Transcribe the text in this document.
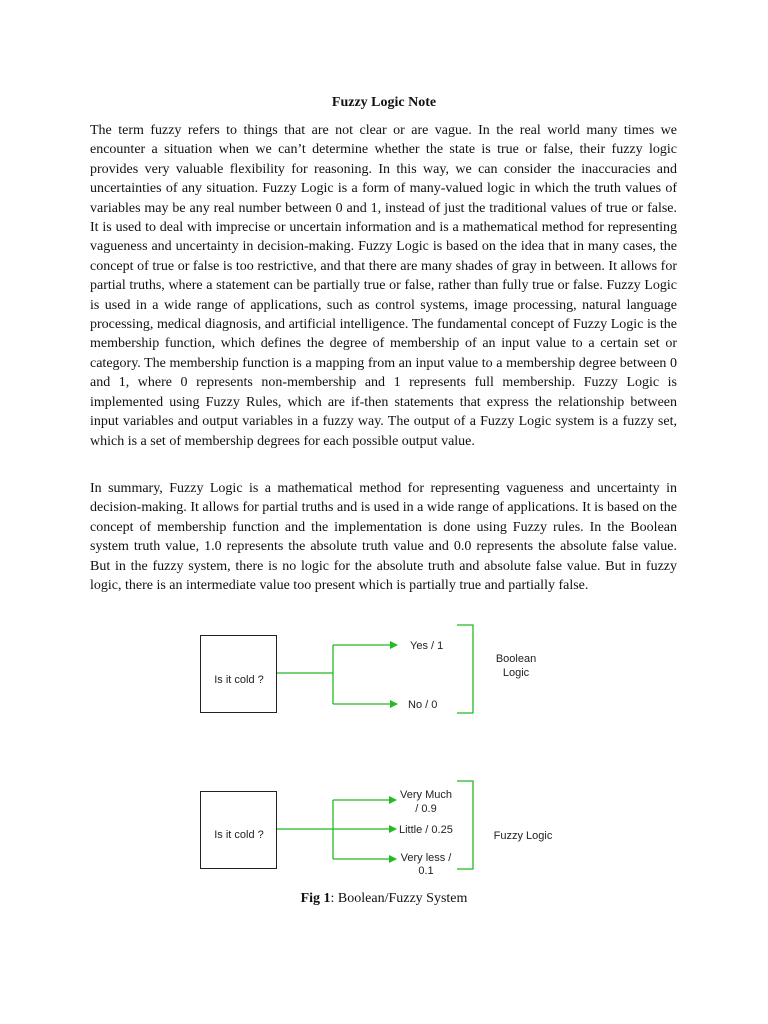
Fuzzy Logic Note

The term fuzzy refers to things that are not clear or are vague. In the real world many times we encounter a situation when we can’t determine whether the state is true or false, their fuzzy logic provides very valuable flexibility for reasoning. In this way, we can consider the inaccuracies and uncertainties of any situation. Fuzzy Logic is a form of many-valued logic in which the truth values of variables may be any real number between 0 and 1, instead of just the traditional values of true or false. It is used to deal with imprecise or uncertain information and is a mathematical method for representing vagueness and uncertainty in decision-making. Fuzzy Logic is based on the idea that in many cases, the concept of true or false is too restrictive, and that there are many shades of gray in between. It allows for partial truths, where a statement can be partially true or false, rather than fully true or false. Fuzzy Logic is used in a wide range of applications, such as control systems, image processing, natural language processing, medical diagnosis, and artificial intelligence. The fundamental concept of Fuzzy Logic is the membership function, which defines the degree of membership of an input value to a certain set or category. The membership function is a mapping from an input value to a membership degree between 0 and 1, where 0 represents non-membership and 1 represents full membership. Fuzzy Logic is implemented using Fuzzy Rules, which are if-then statements that express the relationship between input variables and output variables in a fuzzy way. The output of a Fuzzy Logic system is a fuzzy set, which is a set of membership degrees for each possible output value.

In summary, Fuzzy Logic is a mathematical method for representing vagueness and uncertainty in decision-making. It allows for partial truths and is used in a wide range of applications. It is based on the concept of membership function and the implementation is done using Fuzzy rules. In the Boolean system truth value, 1.0 represents the absolute truth value and 0.0 represents the absolute false value. But in the fuzzy system, there is no logic for the absolute truth and absolute false value. But in fuzzy logic, there is an intermediate value too present which is partially true and partially false.

Is it cold ?
Yes / 1
No / 0
Boolean
Logic
Is it cold ?
Very Much
/ 0.9
Little / 0.25
Very less /
0.1
Fuzzy Logic
Fig 1: Boolean/Fuzzy System
